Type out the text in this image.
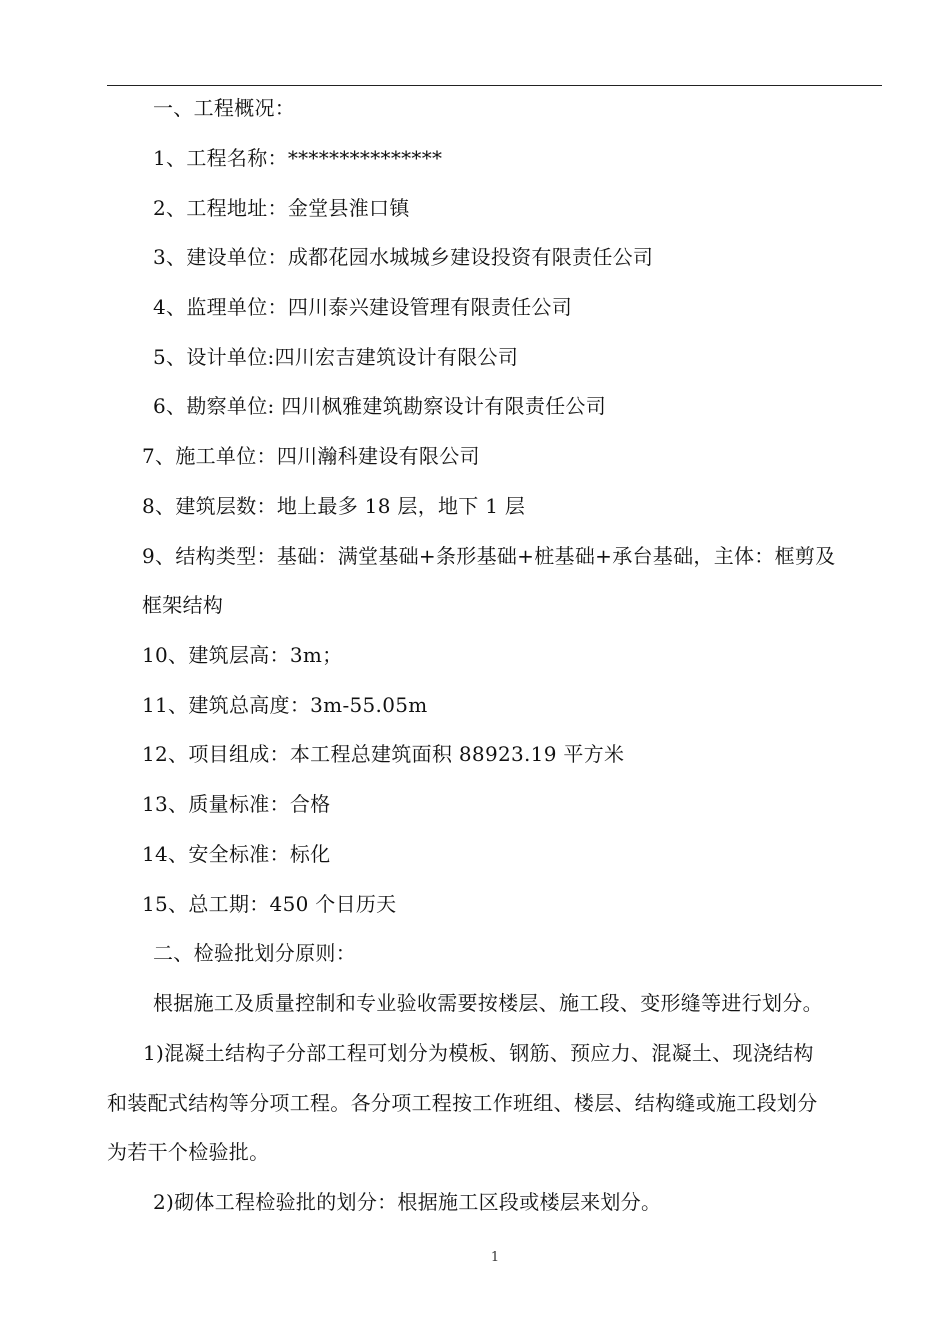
一、工程概况：
1、工程名称：***************
2、工程地址：金堂县淮口镇
3、建设单位：成都花园水城城乡建设投资有限责任公司
4、监理单位：四川泰兴建设管理有限责任公司
5、设计单位:四川宏吉建筑设计有限公司
6、勘察单位: 四川枫雅建筑勘察设计有限责任公司
7、施工单位：四川瀚科建设有限公司
8、建筑层数：地上最多 18 层，地下 1 层
9、结构类型：基础：满堂基础+条形基础+桩基础+承台基础，主体：框剪及
框架结构
10、建筑层高：3m；
11、建筑总高度：3m-55.05m
12、项目组成：本工程总建筑面积 88923.19 平方米
13、质量标准：合格
14、安全标准：标化
15、总工期：450 个日历天
二、检验批划分原则：
根据施工及质量控制和专业验收需要按楼层、施工段、变形缝等进行划分。
1)混凝土结构子分部工程可划分为模板、钢筋、预应力、混凝土、现浇结构
和装配式结构等分项工程。各分项工程按工作班组、楼层、结构缝或施工段划分
为若干个检验批。
2)砌体工程检验批的划分：根据施工区段或楼层来划分。
1
